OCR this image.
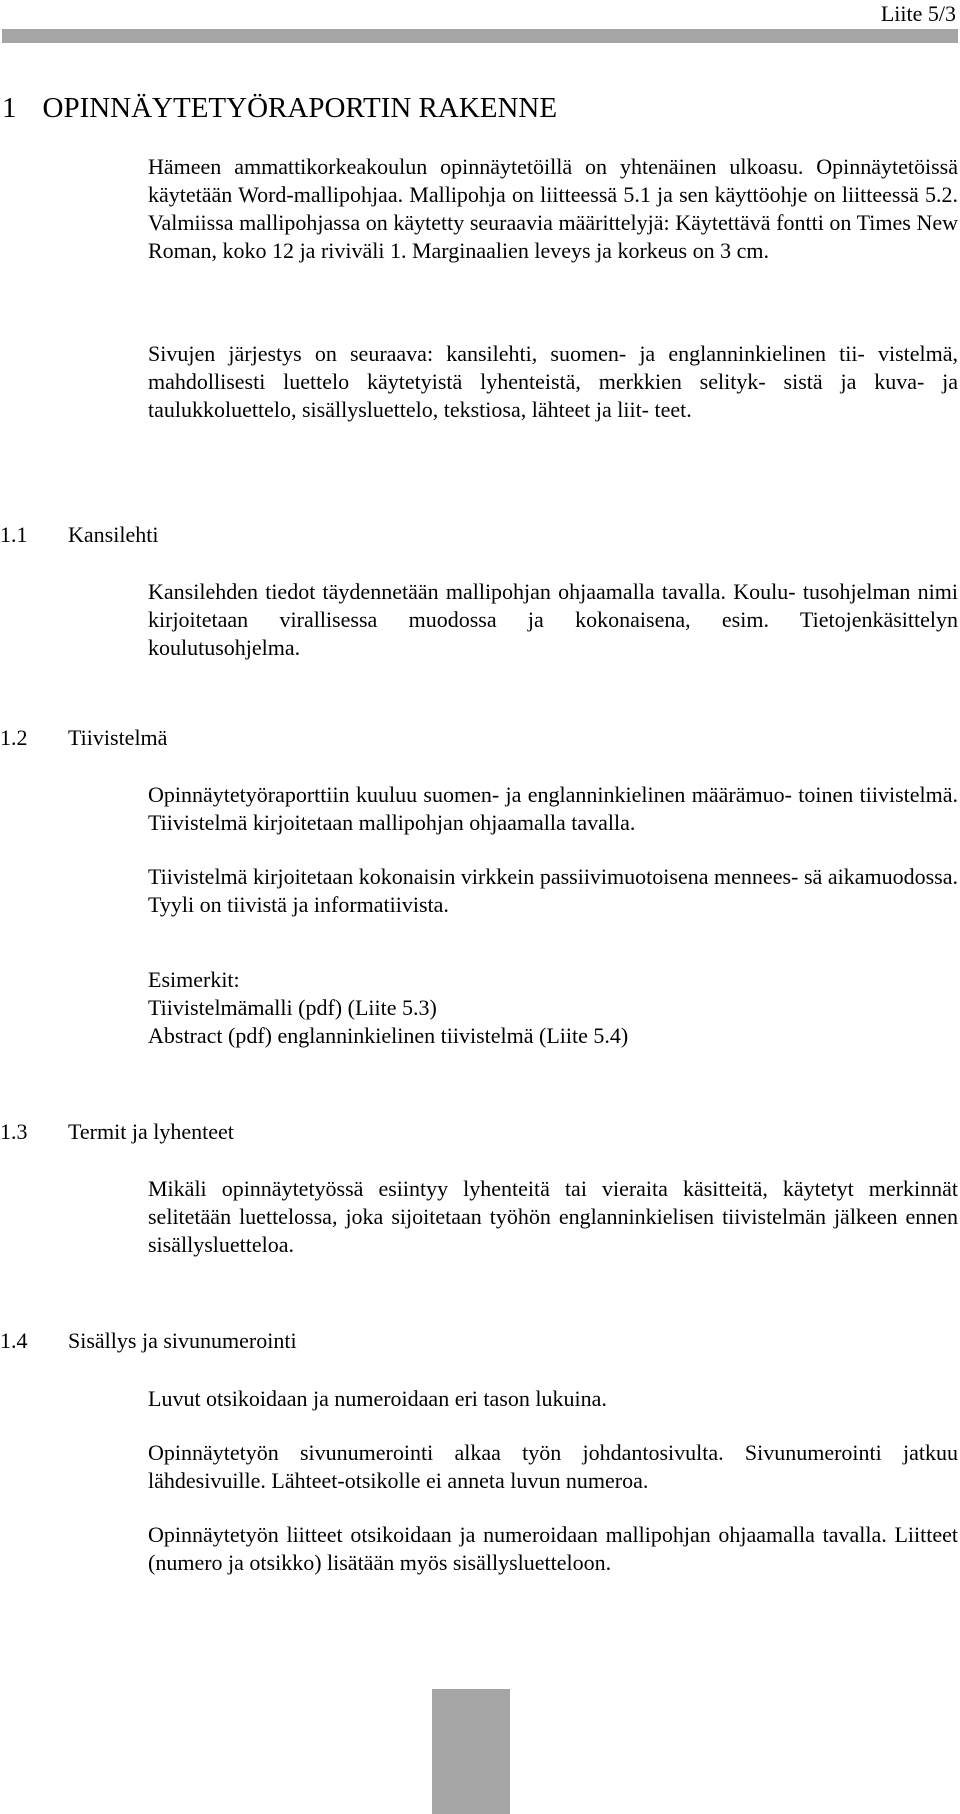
Liite 5/3
1 OPINNÄYTETYÖRAPORTIN RAKENNE

Hämeen ammattikorkeakoulun opinnäytetöillä on yhtenäinen ulkoasu. Opinnäytetöissä käytetään Word-mallipohjaa. Mallipohja on liitteessä 5.1 ja sen käyttöohje on liitteessä 5.2. Valmiissa mallipohjassa on käytetty seuraavia määrittelyjä: Käytettävä fontti on Times New Roman, koko 12 ja riviväli 1. Marginaalien leveys ja korkeus on 3 cm.

Sivujen järjestys on seuraava: kansilehti, suomen- ja englanninkielinen tii- vistelmä, mahdollisesti luettelo käytetyistä lyhenteistä, merkkien selityk- sistä ja kuva- ja taulukkoluettelo, sisällysluettelo, tekstiosa, lähteet ja liit- teet.

1.1	Kansilehti

Kansilehden tiedot täydennetään mallipohjan ohjaamalla tavalla. Koulu- tusohjelman nimi kirjoitetaan virallisessa muodossa ja kokonaisena, esim. Tietojenkäsittelyn koulutusohjelma.

1.2	Tiivistelmä

Opinnäytetyöraporttiin kuuluu suomen- ja englanninkielinen määrämuo- toinen tiivistelmä. Tiivistelmä kirjoitetaan mallipohjan ohjaamalla tavalla.

Tiivistelmä kirjoitetaan kokonaisin virkkein passiivimuotoisena mennees- sä aikamuodossa. Tyyli on tiivistä ja informatiivista.

Esimerkit:
Tiivistelmämalli (pdf) (Liite 5.3)
Abstract (pdf) englanninkielinen tiivistelmä (Liite 5.4)

1.3	Termit ja lyhenteet

Mikäli opinnäytetyössä esiintyy lyhenteitä tai vieraita käsitteitä, käytetyt merkinnät selitetään luettelossa, joka sijoitetaan työhön englanninkielisen tiivistelmän jälkeen ennen sisällysluetteloa.

1.4	Sisällys ja sivunumerointi

Luvut otsikoidaan ja numeroidaan eri tason lukuina.

Opinnäytetyön sivunumerointi alkaa työn johdantosivulta. Sivunumerointi jatkuu lähdesivuille. Lähteet-otsikolle ei anneta luvun numeroa.

Opinnäytetyön liitteet otsikoidaan ja numeroidaan mallipohjan ohjaamalla tavalla. Liitteet (numero ja otsikko) lisätään myös sisällysluetteloon.
